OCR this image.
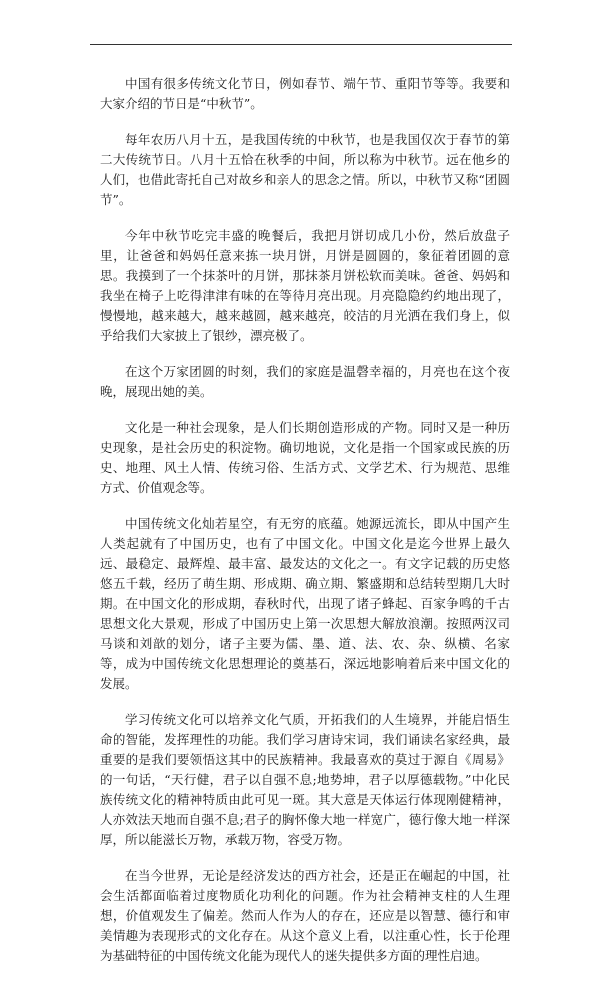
中国有很多传统文化节日，例如春节、端午节、重阳节等等。我要和大家介绍的节日是“中秋节”。

每年农历八月十五，是我国传统的中秋节，也是我国仅次于春节的第二大传统节日。八月十五恰在秋季的中间，所以称为中秋节。远在他乡的人们，也借此寄托自己对故乡和亲人的思念之情。所以，中秋节又称“团圆节”。

今年中秋节吃完丰盛的晚餐后，我把月饼切成几小份，然后放盘子里，让爸爸和妈妈任意来拣一块月饼，月饼是圆圆的，象征着团圆的意思。我摸到了一个抹茶叶的月饼，那抹茶月饼松软而美味。爸爸、妈妈和我坐在椅子上吃得津津有味的在等待月亮出现。月亮隐隐约约地出现了，慢慢地，越来越大，越来越圆，越来越亮，皎洁的月光洒在我们身上，似乎给我们大家披上了银纱，漂亮极了。

在这个万家团圆的时刻，我们的家庭是温磬幸福的，月亮也在这个夜晚，展现出她的美。

文化是一种社会现象，是人们长期创造形成的产物。同时又是一种历史现象，是社会历史的积淀物。确切地说，文化是指一个国家或民族的历史、地理、风土人情、传统习俗、生活方式、文学艺术、行为规范、思维方式、价值观念等。

中国传统文化灿若星空，有无穷的底蕴。她源远流长，即从中国产生人类起就有了中国历史，也有了中国文化。中国文化是迄今世界上最久远、最稳定、最辉煌、最丰富、最发达的文化之一。有文字记载的历史悠悠五千载，经历了萌生期、形成期、确立期、繁盛期和总结转型期几大时期。在中国文化的形成期，春秋时代，出现了诸子蜂起、百家争鸣的千古思想文化大景观，形成了中国历史上第一次思想大解放浪潮。按照两汉司马谈和刘歆的划分，诸子主要为儒、墨、道、法、农、杂、纵横、名家等，成为中国传统文化思想理论的奠基石，深远地影响着后来中国文化的发展。

学习传统文化可以培养文化气质，开拓我们的人生境界，并能启悟生命的智能，发挥理性的功能。我们学习唐诗宋词，我们诵读名家经典，最重要的是我们要领悟这其中的民族精神。我最喜欢的莫过于源自《周易》的一句话，“天行健，君子以自强不息;地势坤，君子以厚德载物。”中化民族传统文化的精神特质由此可见一斑。其大意是天体运行体现刚健精神，人亦效法天地而自强不息;君子的胸怀像大地一样宽广，德行像大地一样深厚，所以能滋长万物，承载万物，容受万物。

在当今世界，无论是经济发达的西方社会，还是正在崛起的中国，社会生活都面临着过度物质化功利化的问题。作为社会精神支柱的人生理想，价值观发生了偏差。然而人作为人的存在，还应是以智慧、德行和审美情趣为表现形式的文化存在。从这个意义上看，以注重心性，长于伦理为基础特征的中国传统文化能为现代人的迷失提供多方面的理性启迪。
